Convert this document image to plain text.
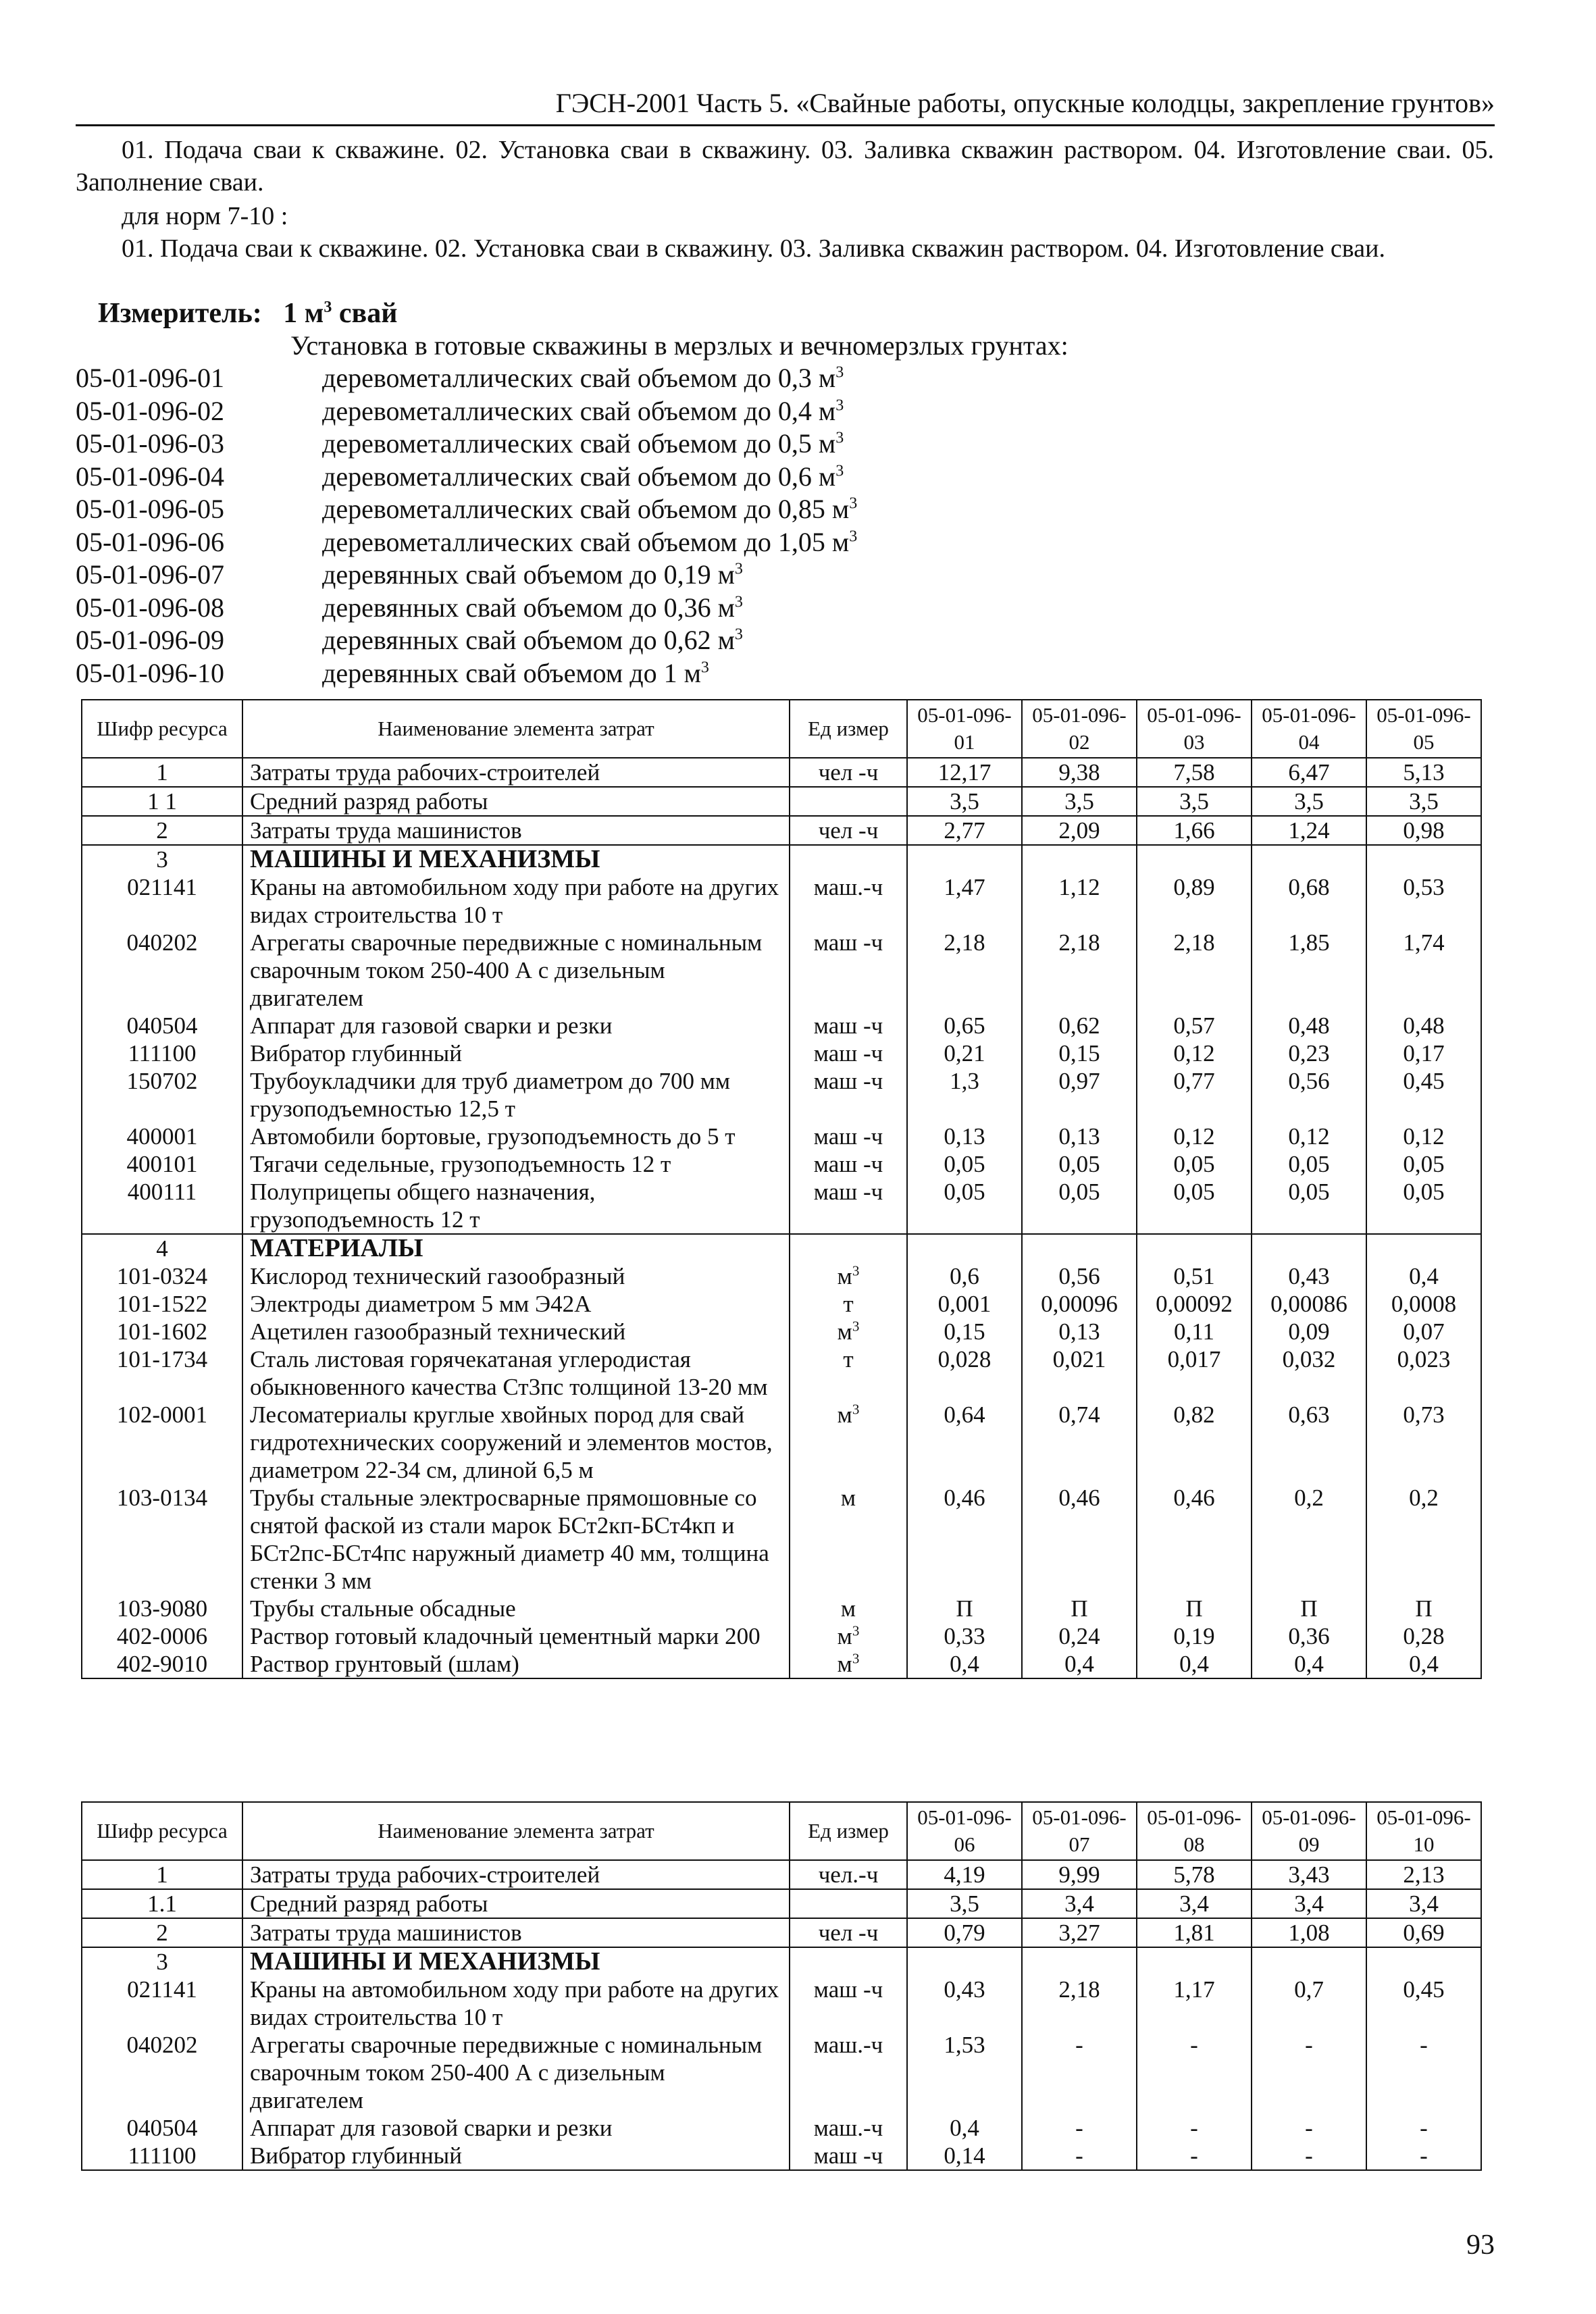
ГЭСН-2001 Часть 5. «Свайные работы, опускные колодцы, закрепление грунтов»
01. Подача сваи к скважине. 02. Установка сваи в скважину. 03. Заливка скважин раствором. 04. Изготовление сваи. 05. Заполнение сваи.
для норм 7-10 :
01. Подача сваи к скважине. 02. Установка сваи в скважину. 03. Заливка скважин раствором. 04. Изготовление сваи.
Измеритель: 1 $м^3$ свай
Установка в готовые скважины в мерзлых и вечномерзлых грунтах:
05-01-096-01	деревометаллических свай объемом до 0,3 $м^3$
05-01-096-02	деревометаллических свай объемом до 0,4 $м^3$
05-01-096-03	деревометаллических свай объемом до 0,5 $м^3$
05-01-096-04	деревометаллических свай объемом до 0,6 $м^3$
05-01-096-05	деревометаллических свай объемом до 0,85 $м^3$
05-01-096-06	деревометаллических свай объемом до 1,05 $м^3$
05-01-096-07	деревянных свай объемом до 0,19 $м^3$
05-01-096-08	деревянных свай объемом до 0,36 $м^3$
05-01-096-09	деревянных свай объемом до 0,62 $м^3$
05-01-096-10	деревянных свай объемом до 1 $м^3$
Шифр ресурса	Наименование элемента затрат	Ед измер	05-01-096-01	05-01-096-02	05-01-096-03	05-01-096-04	05-01-096-05
1	Затраты труда рабочих-строителей	чел -ч	12,17	9,38	7,58	6,47	5,13
1 1	Средний разряд работы		3,5	3,5	3,5	3,5	3,5
2	Затраты труда машинистов	чел -ч	2,77	2,09	1,66	1,24	0,98
3	МАШИНЫ И МЕХАНИЗМЫ						
021141	Краны на автомобильном ходу при работе на других видах строительства 10 т	маш.-ч	1,47	1,12	0,89	0,68	0,53
040202	Агрегаты сварочные передвижные с номинальным сварочным током 250-400 А с дизельным двигателем	маш -ч	2,18	2,18	2,18	1,85	1,74
040504	Аппарат для газовой сварки и резки	маш -ч	0,65	0,62	0,57	0,48	0,48
111100	Вибратор глубинный	маш -ч	0,21	0,15	0,12	0,23	0,17
150702	Трубоукладчики для труб диаметром до 700 мм грузоподъемностью 12,5 т	маш -ч	1,3	0,97	0,77	0,56	0,45
400001	Автомобили бортовые, грузоподъемность до 5 т	маш -ч	0,13	0,13	0,12	0,12	0,12
400101	Тягачи седельные, грузоподъемность 12 т	маш -ч	0,05	0,05	0,05	0,05	0,05
400111	Полуприцепы общего назначения, грузоподъемность 12 т	маш -ч	0,05	0,05	0,05	0,05	0,05
4	МАТЕРИАЛЫ						
101-0324	Кислород технический газообразный	$м^3$	0,6	0,56	0,51	0,43	0,4
101-1522	Электроды диаметром 5 мм Э42А	т	0,001	0,00096	0,00092	0,00086	0,0008
101-1602	Ацетилен газообразный технический	$м^3$	0,15	0,13	0,11	0,09	0,07
101-1734	Сталь листовая горячекатаная углеродистая обыкновенного качества Ст3пс толщиной 13-20 мм	т	0,028	0,021	0,017	0,032	0,023
102-0001	Лесоматериалы круглые хвойных пород для свай гидротехнических сооружений и элементов мостов, диаметром 22-34 см, длиной 6,5 м	$м^3$	0,64	0,74	0,82	0,63	0,73
103-0134	Трубы стальные электросварные прямошовные со снятой фаской из стали марок БСт2кп-БСт4кп и БСт2пс-БСт4пс наружный диаметр 40 мм, толщина стенки 3 мм	м	0,46	0,46	0,46	0,2	0,2
103-9080	Трубы стальные обсадные	м	П	П	П	П	П
402-0006	Раствор готовый кладочный цементный марки 200	$м^3$	0,33	0,24	0,19	0,36	0,28
402-9010	Раствор грунтовый (шлам)	$м^3$	0,4	0,4	0,4	0,4	0,4
Шифр ресурса	Наименование элемента затрат	Ед измер	05-01-096-06	05-01-096-07	05-01-096-08	05-01-096-09	05-01-096-10
1	Затраты труда рабочих-строителей	чел.-ч	4,19	9,99	5,78	3,43	2,13
1.1	Средний разряд работы		3,5	3,4	3,4	3,4	3,4
2	Затраты труда машинистов	чел -ч	0,79	3,27	1,81	1,08	0,69
3	МАШИНЫ И МЕХАНИЗМЫ						
021141	Краны на автомобильном ходу при работе на других видах строительства 10 т	маш -ч	0,43	2,18	1,17	0,7	0,45
040202	Агрегаты сварочные передвижные с номинальным сварочным током 250-400 А с дизельным двигателем	маш.-ч	1,53	-	-	-	-
040504	Аппарат для газовой сварки и резки	маш.-ч	0,4	-	-	-	-
111100	Вибратор глубинный	маш -ч	0,14	-	-	-	-
93
